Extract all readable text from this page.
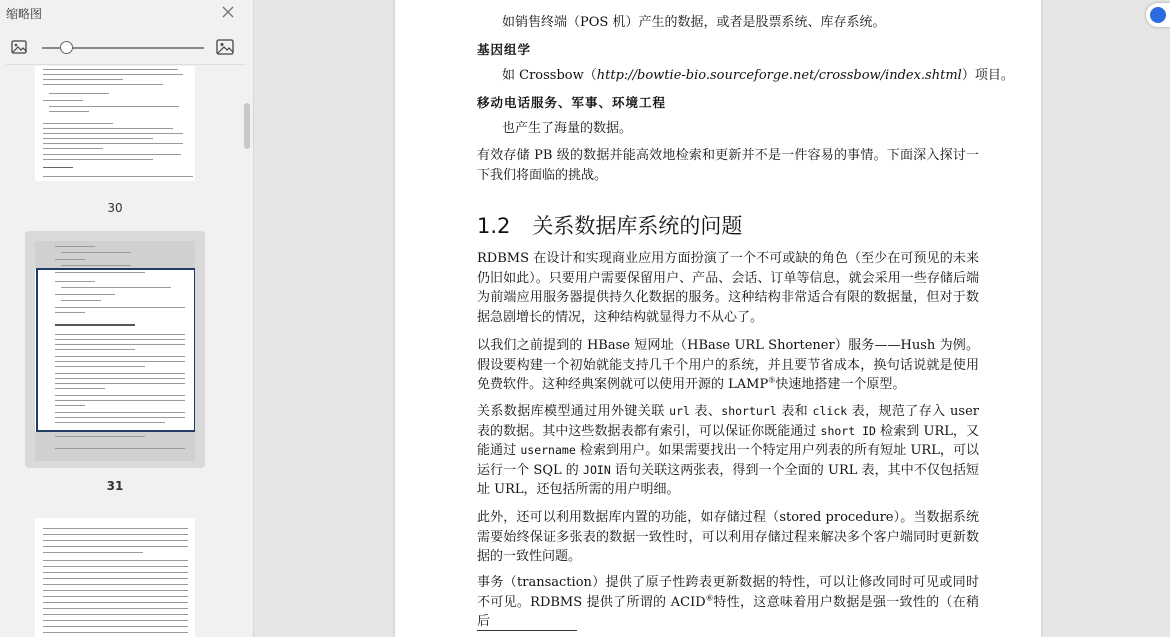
缩略图
30
31
如销售终端（POS 机）产生的数据，或者是股票系统、库存系统。
基因组学
如 Crossbow（http://bowtie-bio.sourceforge.net/crossbow/index.shtml）项目。
移动电话服务、军事、环境工程
也产生了海量的数据。
有效存储 PB 级的数据并能高效地检索和更新并不是一件容易的事情。下面深入探讨一下我们将面临的挑战。
1.2 关系数据库系统的问题
RDBMS 在设计和实现商业应用方面扮演了一个不可或缺的角色（至少在可预见的未来仍旧如此）。只要用户需要保留用户、产品、会话、订单等信息，就会采用一些存储后端为前端应用服务器提供持久化数据的服务。这种结构非常适合有限的数据量，但对于数据急剧增长的情况，这种结构就显得力不从心了。
以我们之前提到的 HBase 短网址（HBase URL Shortener）服务——Hush 为例。假设要构建一个初始就能支持几千个用户的系统，并且要节省成本，换句话说就是使用免费软件。这种经典案例就可以使用开源的 LAMP⑤快速地搭建一个原型。
关系数据库模型通过用外键关联 url 表、shorturl 表和 click 表，规范了存入 user 表的数据。其中这些数据表都有索引，可以保证你既能通过 short ID 检索到 URL，又能通过 username 检索到用户。如果需要找出一个特定用户列表的所有短址 URL，可以运行一个 SQL 的 JOIN 语句关联这两张表，得到一个全面的 URL 表，其中不仅包括短址 URL，还包括所需的用户明细。
此外，还可以利用数据库内置的功能，如存储过程（stored procedure）。当数据系统需要始终保证多张表的数据一致性时，可以利用存储过程来解决多个客户端同时更新数据的一致性问题。
事务（transaction）提供了原子性跨表更新数据的特性，可以让修改同时可见或同时不可见。RDBMS 提供了所谓的 ACID⑥特性，这意味着用户数据是强一致性的（在稍后
